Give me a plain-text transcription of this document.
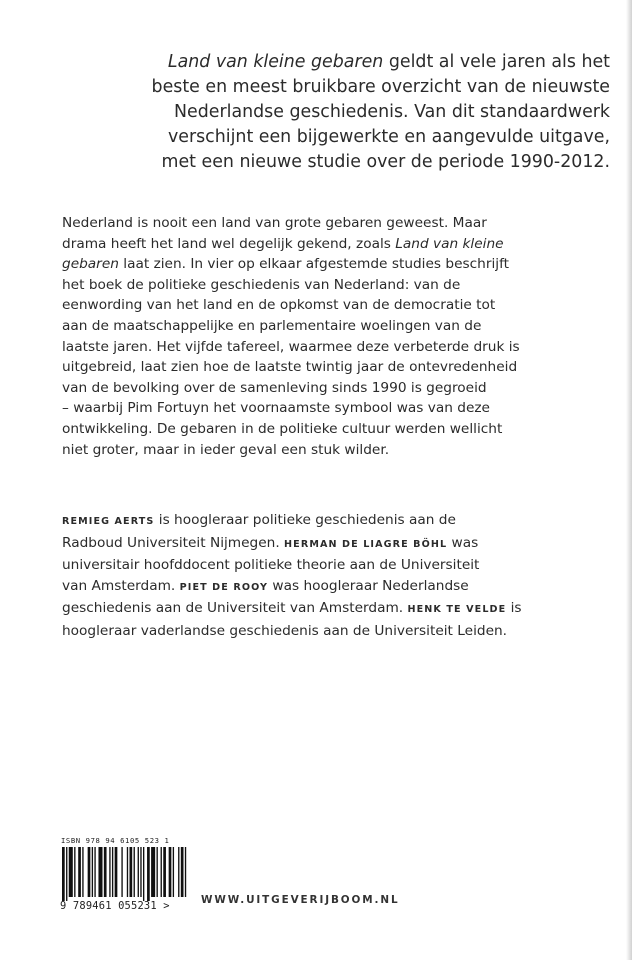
Land van kleine gebaren geldt al vele jaren als het
beste en meest bruikbare overzicht van de nieuwste
Nederlandse geschiedenis. Van dit standaardwerk
verschijnt een bijgewerkte en aangevulde uitgave,
met een nieuwe studie over de periode 1990-2012.
Nederland is nooit een land van grote gebaren geweest. Maar
drama heeft het land wel degelijk gekend, zoals Land van kleine
gebaren laat zien. In vier op elkaar afgestemde studies beschrijft
het boek de politieke geschiedenis van Nederland: van de
eenwording van het land en de opkomst van de democratie tot
aan de maatschappelijke en parlementaire woelingen van de
laatste jaren. Het vijfde tafereel, waarmee deze verbeterde druk is
uitgebreid, laat zien hoe de laatste twintig jaar de ontevredenheid
van de bevolking over de samenleving sinds 1990 is gegroeid
– waarbij Pim Fortuyn het voornaamste symbool was van deze
ontwikkeling. De gebaren in de politieke cultuur werden wellicht
niet groter, maar in ieder geval een stuk wilder.
REMIEG AERTS is hoogleraar politieke geschiedenis aan de
Radboud Universiteit Nijmegen. HERMAN DE LIAGRE BÖHL was
universitair hoofddocent politieke theorie aan de Universiteit
van Amsterdam. PIET DE ROOY was hoogleraar Nederlandse
geschiedenis aan de Universiteit van Amsterdam. HENK TE VELDE is
hoogleraar vaderlandse geschiedenis aan de Universiteit Leiden.
ISBN 978 94 6105 523 1
9 789461 055231 >	WWW.UITGEVERIJBOOM.NL
